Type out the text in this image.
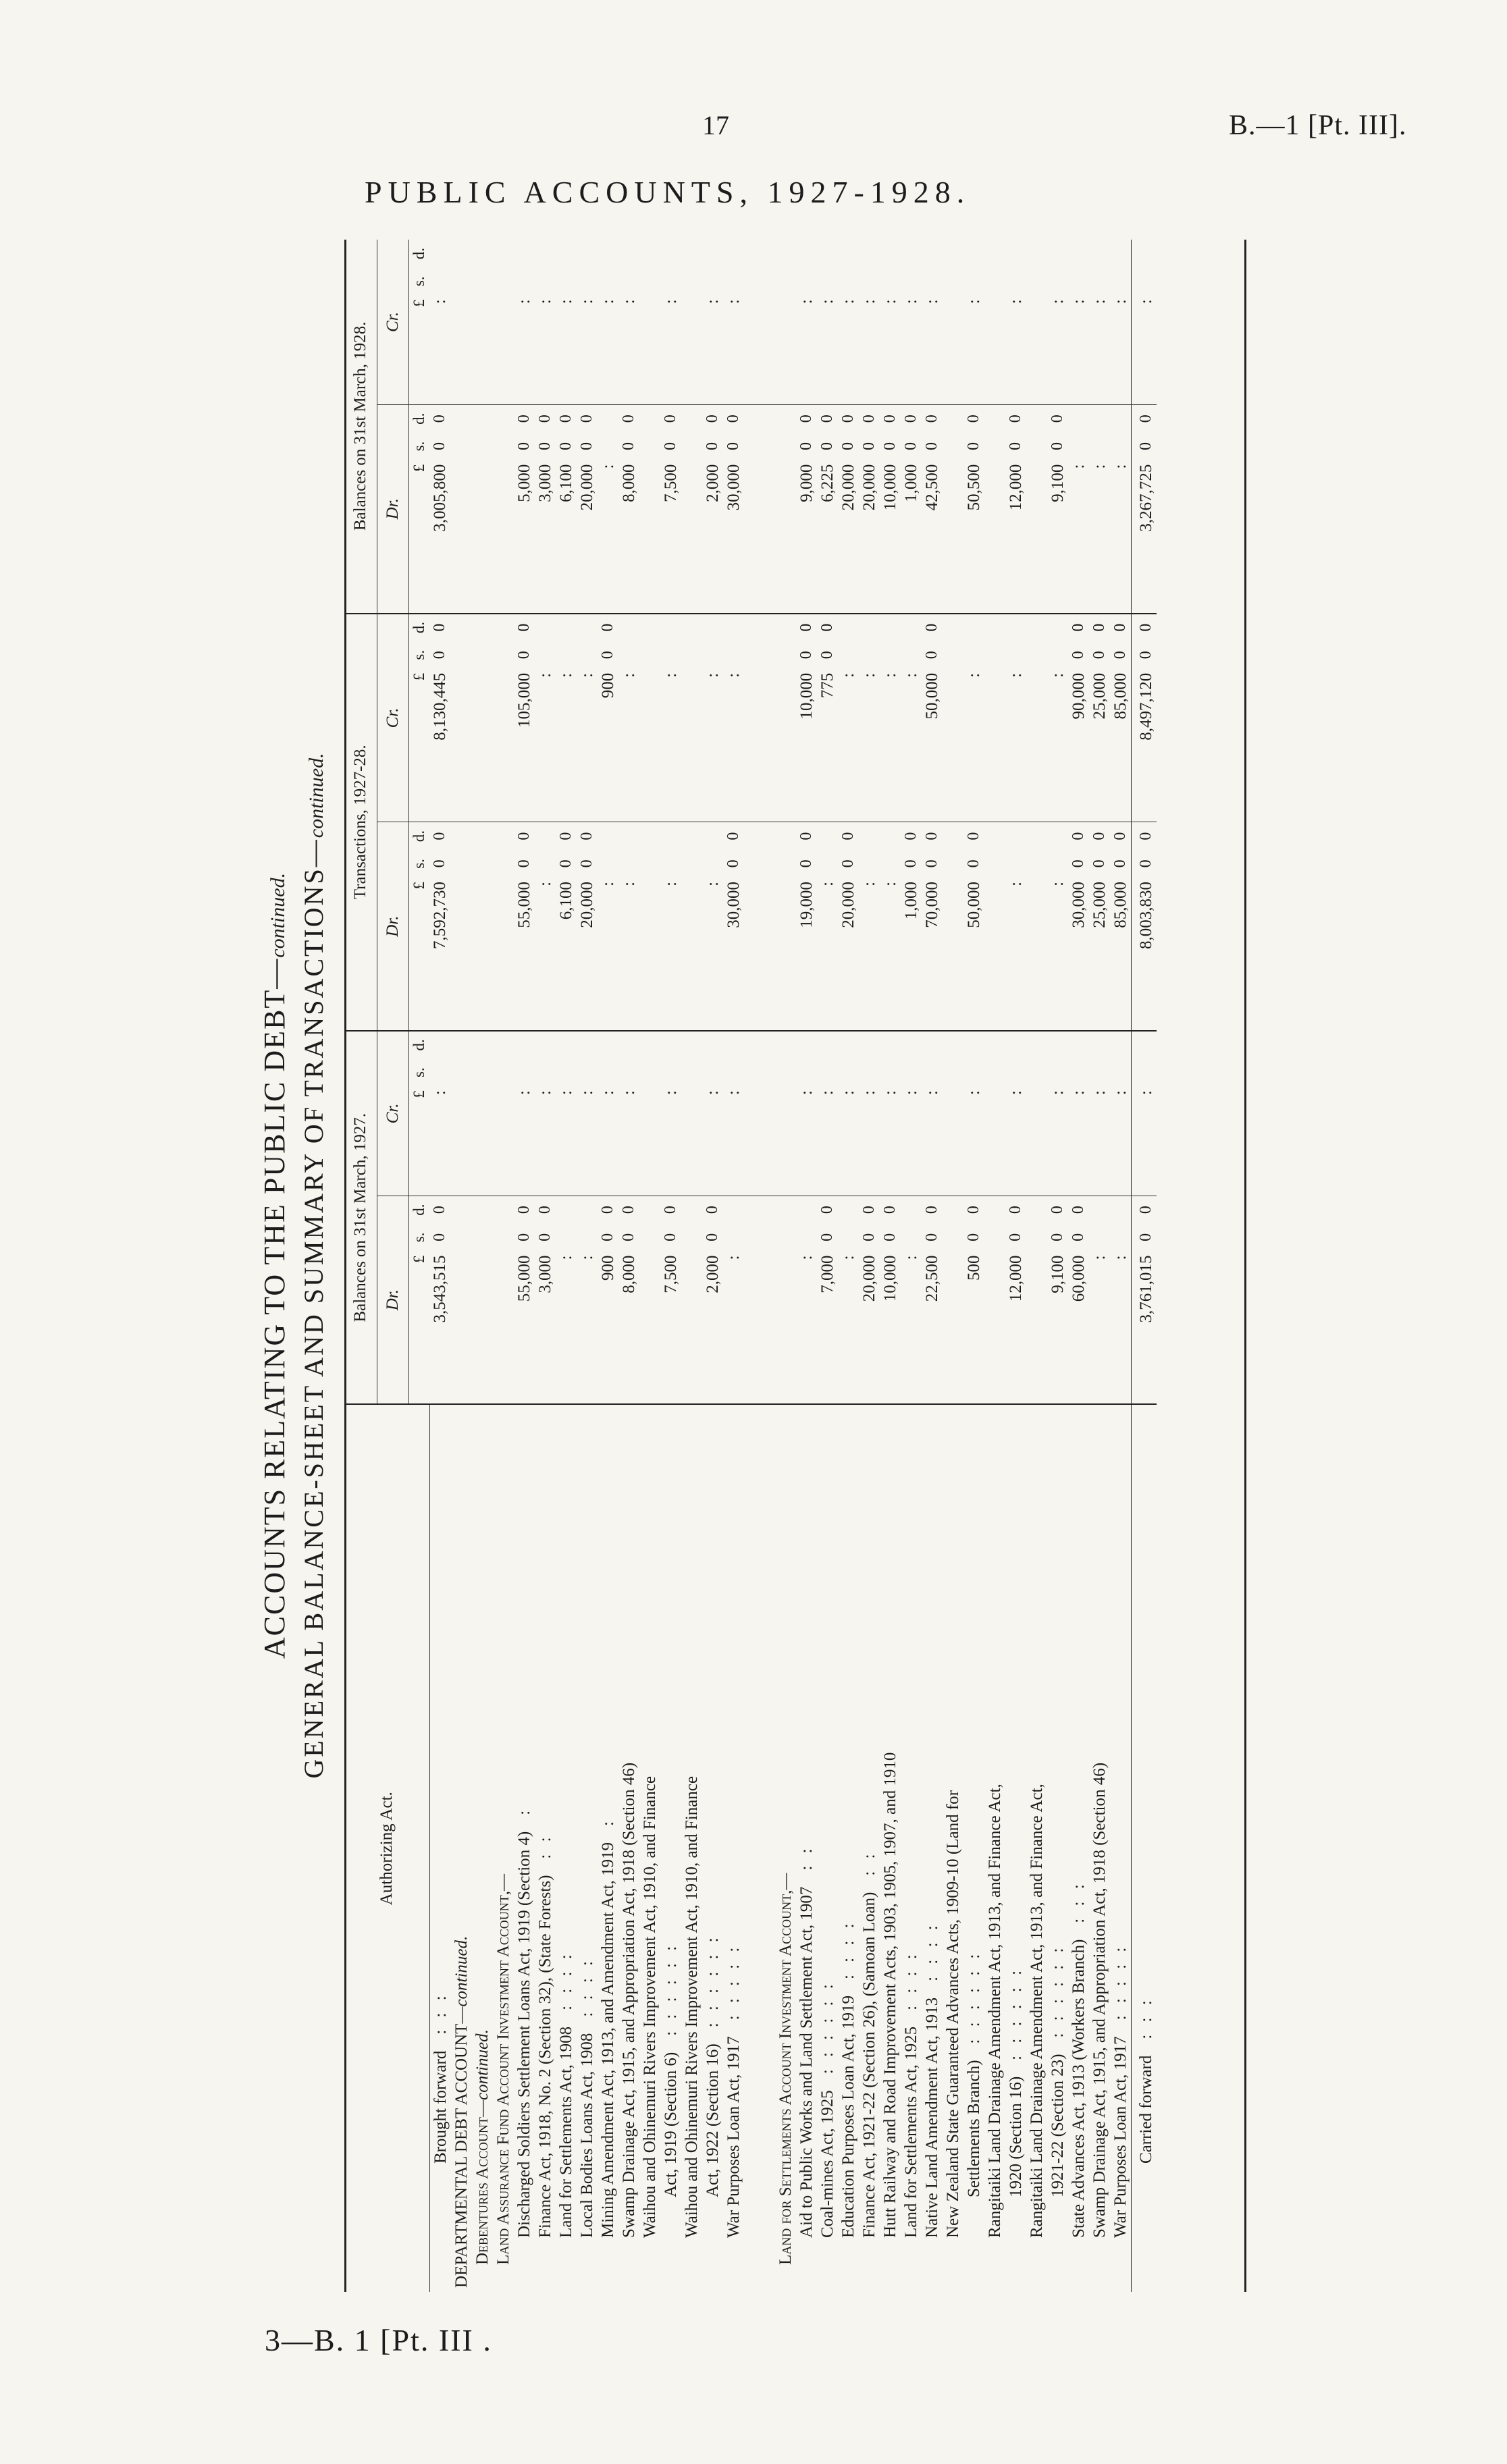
17	B.—1 [Pt. III].
PUBLIC ACCOUNTS, 1927-1928.
3—B. 1 [Pt. III .
ACCOUNTS RELATING TO THE PUBLIC DEBT—continued. GENERAL BALANCE-SHEET AND SUMMARY OF TRANSACTIONS—continued.
Authorizing Act.	Balances on 31st March, 1927.						Transactions, 1927-28.						Balances on 31st March, 1928.					
	Dr.			Cr.			Dr.			Cr.			Dr.			Cr.		
	£	s.	d.	£	s.	d.	£	s.	d.	£	s.	d.	£	s.	d.	£	s.	d.
Brought forward: : :	3,543,515	0	0	:			7,592,730	0	0	8,130,445	0	0	3,005,800	0	0	:		
DEPARTMENTAL DEBT ACCOUNT—continued.																		
Debentures Account—continued.																		
Land Assurance Fund Account Investment Account,—																		
Discharged Soldiers Settlement Loans Act, 1919 (Section 4):	55,000	0	0	:			55,000	0	0	105,000	0	0	5,000	0	0	:		
Finance Act, 1918, No. 2 (Section 32), (State Forests): :	3,000	0	0	:			:			:			3,000	0	0	:		
Land for Settlements Act, 1908: : : :	:			:			6,100	0	0	:			6,100	0	0	:		
Local Bodies Loans Act, 1908: : : :	:			:			20,000	0	0	:			20,000	0	0	:		
Mining Amendment Act, 1913, and Amendment Act, 1919:	900	0	0	:			:			900	0	0	:			:		
Swamp Drainage Act, 1915, and Appropriation Act, 1918 (Section 46)	8,000	0	0	:			:			:			8,000	0	0	:		
Waihou and Ohinemuri Rivers Improvement Act, 1910, and Finance																		
Act, 1919 (Section 6): : : : : :	7,500	0	0	:			:			:			7,500	0	0	:		
Waihou and Ohinemuri Rivers Improvement Act, 1910, and Finance																		
Act, 1922 (Section 16): : : : : :	2,000	0	0	:			:			:			2,000	0	0	:		
War Purposes Loan Act, 1917: : : : :	:			:			30,000	0	0	:			30,000	0	0	:		

Land for Settlements Account Investment Account,—																		
Aid to Public Works and Land Settlement Act, 1907: :	:			:			19,000	0	0	10,000	0	0	9,000	0	0	:		
Coal-mines Act, 1925: : : : : :	7,000	0	0	:			:			775	0	0	6,225	0	0	:		
Education Purposes Loan Act, 1919: : : :	:			:			20,000	0	0	:			20,000	0	0	:		
Finance Act, 1921-22 (Section 26), (Samoan Loan): :	20,000	0	0	:			:			:			20,000	0	0	:		
Hutt Railway and Road Improvement Acts, 1903, 1905, 1907, and 1910	10,000	0	0	:			:			:			10,000	0	0	:		
Land for Settlements Act, 1925: : : :	:			:			1,000	0	0	:			1,000	0	0	:		
Native Land Amendment Act, 1913: : : :	22,500	0	0	:			70,000	0	0	50,000	0	0	42,500	0	0	:		
New Zealand State Guaranteed Advances Acts, 1909-10 (Land for																		
Settlements Branch): : : : : :	500	0	0	:			50,000	0	0	:			50,500	0	0	:		
Rangitaiki Land Drainage Amendment Act, 1913, and Finance Act,																		
1920 (Section 16): : : : : :	12,000	0	0	:			:			:			12,000	0	0	:		
Rangitaiki Land Drainage Amendment Act, 1913, and Finance Act,																		
1921-22 (Section 23): : : : : :	9,100	0	0	:			:			:			9,100	0	0	:		
State Advances Act, 1913 (Workers Branch): : :	60,000	0	0	:			30,000	0	0	90,000	0	0	:			:		
Swamp Drainage Act, 1915, and Appropriation Act, 1918 (Section 46)	:			:			25,000	0	0	25,000	0	0	:			:		
War Purposes Loan Act, 1917: : : : :	:			:			85,000	0	0	85,000	0	0	:			:		
Carried forward: : :	3,761,015	0	0	:			8,003,830	0	0	8,497,120	0	0	3,267,725	0	0	:		
